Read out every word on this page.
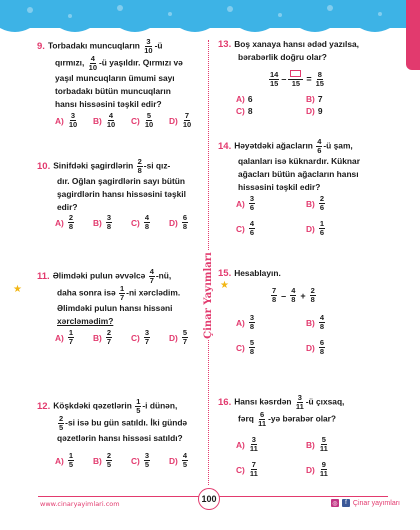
Çinar Yayımları
9. Torbadakı muncuqların $\frac{3}{10}$ -ü
qırmızı, $\frac{4}{10}$ -ü yaşıldır. Qırmızı və
yaşıl muncuqların ümumi sayı
torbadakı bütün muncuqların
hansı hissəsini təşkil edir?
$A) \frac{3}{10} B) \frac{4}{10} C) \frac{5}{10} D) \frac{7}{10}$
10. Sinifdəki şagirdlərin $\frac{2}{8} -si$ qız-
dır. Oğlan şagirdlərin sayı bütün
şagirdlərin hansı hissəsini təşkil
edir?
$A) \frac{2}{8} B) \frac{3}{8} C) \frac{4}{8} D) \frac{6}{8}$
★
11. Əlimdəki pulun əvvəlcə $\frac{4}{7}$ -nü,
daha sonra isə $\frac{1}{7} -ni$ xərclədim.
Əlimdəki pulun hansı hissəni
xərcləmədim?
$A) \frac{1}{7} B) \frac{2}{7} C) \frac{3}{7} D) \frac{5}{7}$
12. Köşkdəki qəzetlərin $\frac{1}{5} -i$ dünən,
$\frac{2}{5} -si$ isə bu gün satıldı. İki gündə
qəzetlərin hansı hissəsi satıldı?
$A) \frac{1}{5} B) \frac{2}{5} C) \frac{3}{5} D) \frac{4}{5}$
13. Boş xanaya hansı ədəd yazılsa,
bərabərlik doğru olar?
$\frac{14}{15} - 15 = \frac{8}{15}$
A) 6	B) 7
C) 8	D) 9
14. Həyətdəki ağacların $\frac{4}{6}$ -ü şam,
qalanları isə küknardır. Küknar
ağacları bütün ağacların hansı
hissəsini təşkil edir?
$A) \frac{3}{6}$	$B) \frac{2}{6}$
$C) \frac{4}{6}$	$D) \frac{1}{6}$
★
15. Hesablayın.
$\frac{7}{8} - \frac{4}{8} + \frac{2}{8}$
$A) \frac{3}{8}$	$B) \frac{4}{8}$
$C) \frac{5}{8}$	$D) \frac{6}{8}$
16. Hansı kəsrdən $\frac{3}{11}$ -ü çıxsaq,
fərq $\frac{6}{11}$ -yə bərabər olar?
$A) \frac{3}{11}$	$B) \frac{5}{11}$
$C) \frac{7}{11}$	$D) \frac{9}{11}$
www.cinaryayimlari.com	100	◎	f Çinar yayımları
